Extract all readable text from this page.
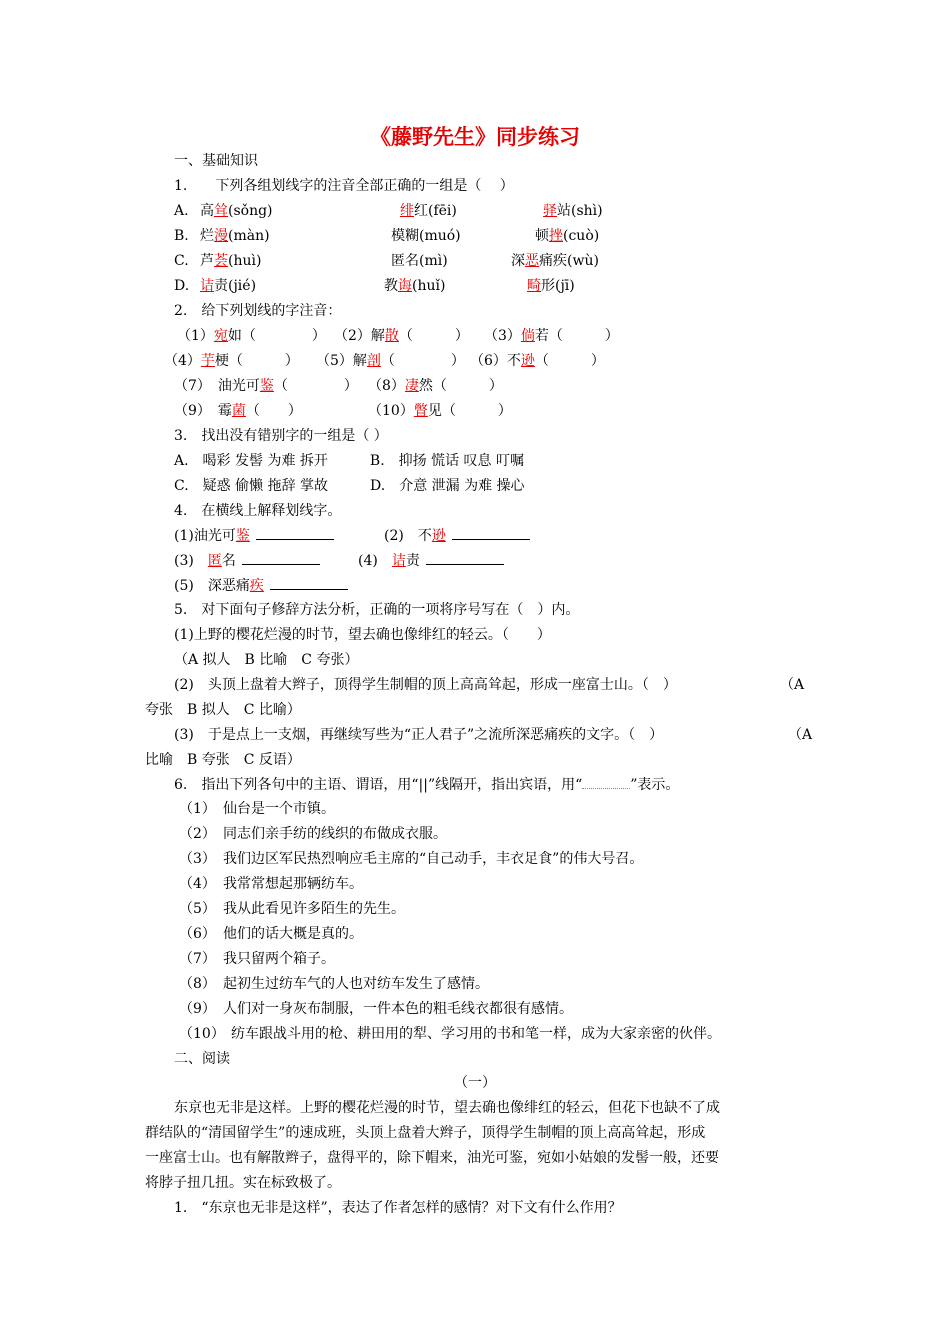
《藤野先生》同步练习
一、基础知识
1.　　下列各组划线字的注音全部正确的一组是（　 ）
A. 高耸(sǒng)	绯红(fēi)	驿站(shì)
B. 烂漫(màn)	模糊(muó)	顿挫(cuò)
C. 芦荟(huì)	匿名(mì)	深恶痛疾(wù)
D. 诘责(jié)	教诲(huǐ)	畸形(jī)
2.　给下列划线的字注音：
（1）宛如（　　　　） （2）解散（　　　） （3）倘若（　　　）
（4）芋梗（　　　） （5）解剖（　　　　） （6）不逊（　　　）
（7）　油光可鉴（　　　　） （8）凄然（　　　）
（9）　霉菌（　　）	（10）瞥见（　　　）
3.　找出没有错别字的一组是（ ）
A.　喝彩 发髻 为难 拆开　　　B.　抑扬 慌话 叹息 叮嘱
C.　疑惑 偷懒 拖辞 掌故　　　D.　介意 泄漏 为难 操心
4.　在横线上解释划线字。
(1)油光可鉴	(2)　不逊
(3)　匿名	(4)　诘责
(5)　深恶痛疾
5.　对下面句子修辞方法分析，正确的一项将序号写在（　）内。
(1)上野的樱花烂漫的时节，望去确也像绯红的轻云。（　　）
（A 拟人　B 比喻　C 夸张）
(2)　头顶上盘着大辫子，顶得学生制帽的顶上高高耸起，形成一座富士山。（　）	（A
夸张　B 拟人　C 比喻）
(3)　于是点上一支烟，再继续写些为“正人君子”之流所深恶痛疾的文字。（　）	（A
比喻　B 夸张　C 反语）
6.　指出下列各句中的主语、谓语，用“||”线隔开，指出宾语，用“	”表示。
（1） 仙台是一个市镇。
（2） 同志们亲手纺的线织的布做成衣服。
（3） 我们边区军民热烈响应毛主席的“自己动手，丰衣足食”的伟大号召。
（4） 我常常想起那辆纺车。
（5） 我从此看见许多陌生的先生。
（6） 他们的话大概是真的。
（7） 我只留两个箱子。
（8） 起初生过纺车气的人也对纺车发生了感情。
（9） 人们对一身灰布制服，一件本色的粗毛线衣都很有感情。
（10） 纺车跟战斗用的枪、耕田用的犁、学习用的书和笔一样，成为大家亲密的伙伴。
二、阅读
（一）
东京也无非是这样。上野的樱花烂漫的时节，望去确也像绯红的轻云，但花下也缺不了成
群结队的“清国留学生”的速成班，头顶上盘着大辫子，顶得学生制帽的顶上高高耸起，形成
一座富士山。也有解散辫子，盘得平的，除下帽来，油光可鉴，宛如小姑娘的发髻一般，还要
将脖子扭几扭。实在标致极了。
1.　“东京也无非是这样”，表达了作者怎样的感情？对下文有什么作用？
